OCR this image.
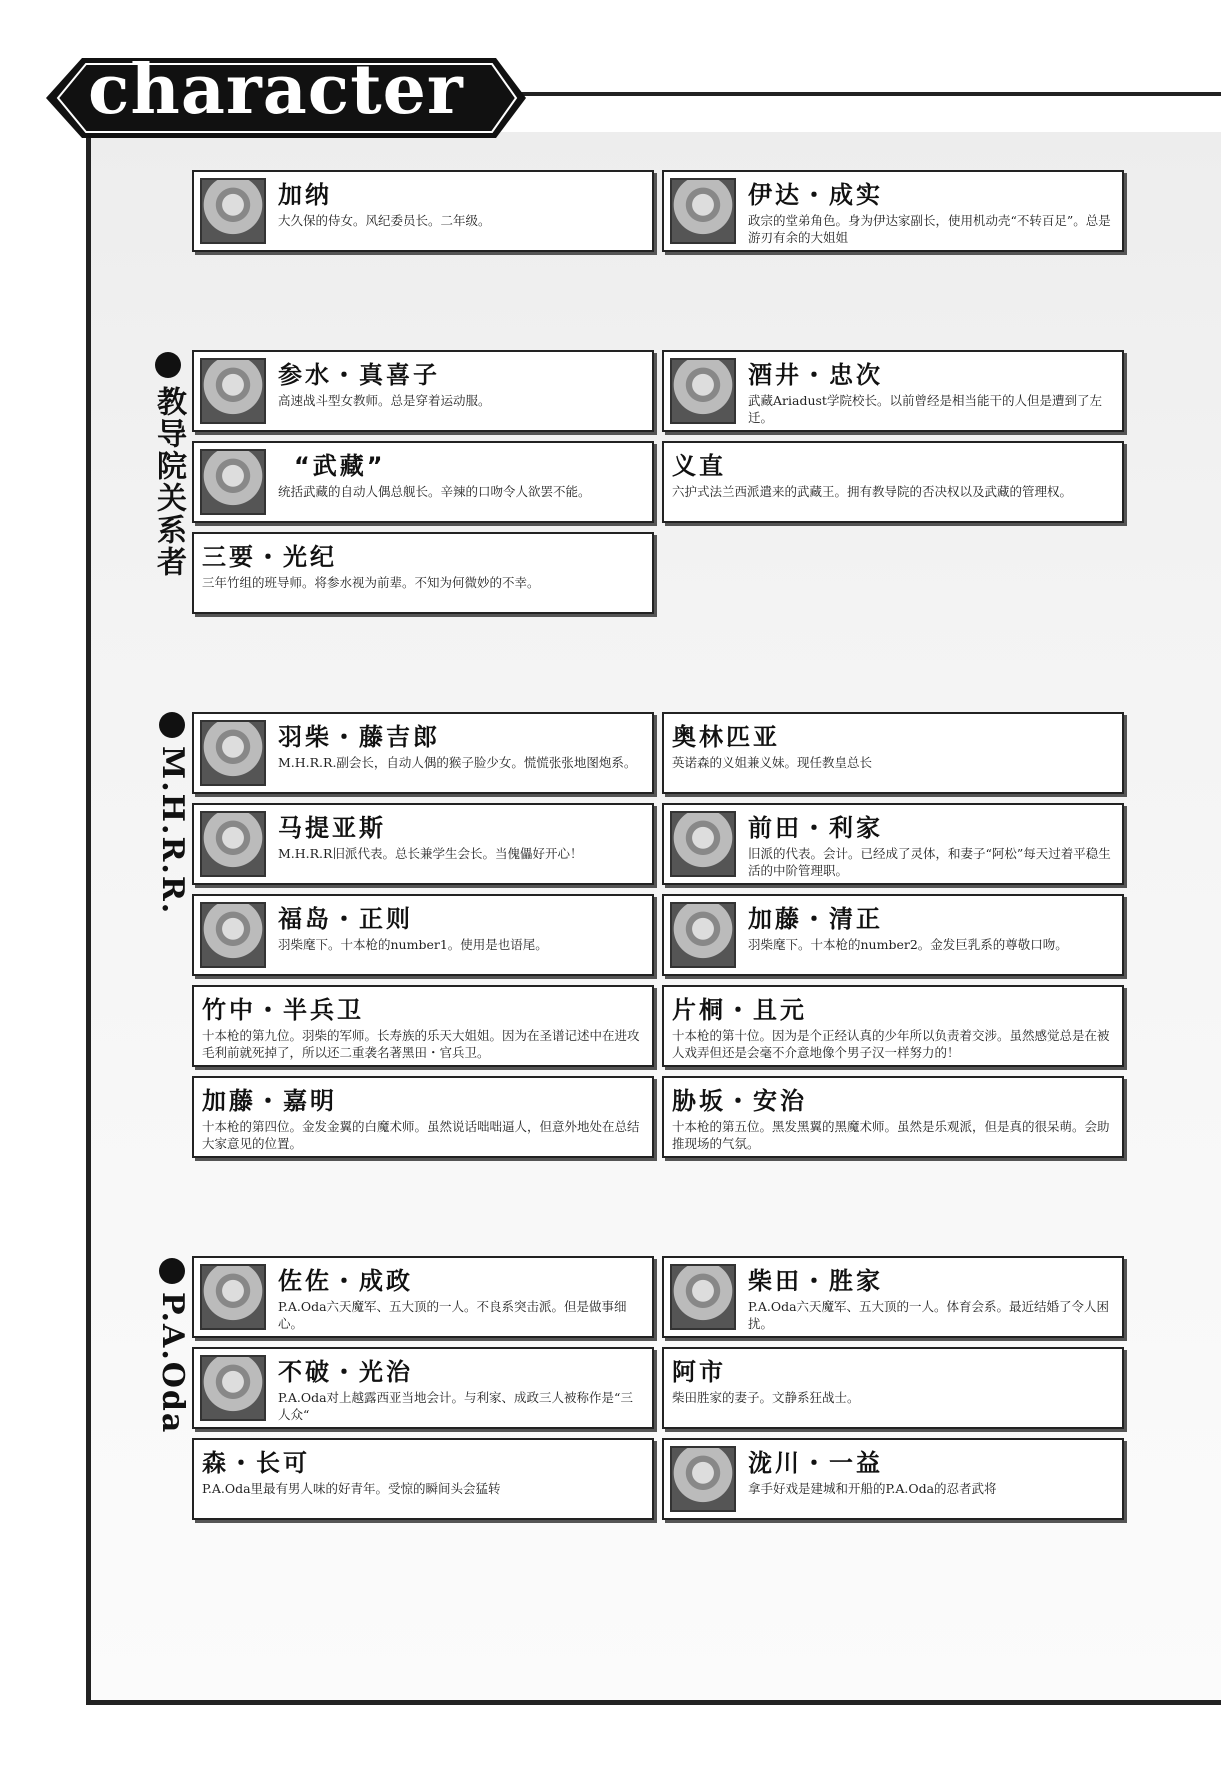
character
教导院关系者
M.H.R.R.
P.A.Oda
加纳
大久保的侍女。风纪委员长。二年级。
伊达・成实
政宗的堂弟角色。身为伊达家副长，使用机动壳“不转百足”。总是游刃有余的大姐姐
参水・真喜子
高速战斗型女教师。总是穿着运动服。
酒井・忠次
武藏Ariadust学院校长。以前曾经是相当能干的人但是遭到了左迁。
“武藏”
统括武藏的自动人偶总舰长。辛辣的口吻令人欲罢不能。
义直
六护式法兰西派遣来的武藏王。拥有教导院的否决权以及武藏的管理权。
三要・光纪
三年竹组的班导师。将参水视为前辈。不知为何微妙的不幸。
羽柴・藤吉郎
M.H.R.R.副会长，自动人偶的猴子脸少女。慌慌张张地图炮系。
奥林匹亚
英诺森的义姐兼义妹。现任教皇总长
马提亚斯
M.H.R.R旧派代表。总长兼学生会长。当傀儡好开心！
前田・利家
旧派的代表。会计。已经成了灵体，和妻子“阿松”每天过着平稳生活的中阶管理职。
福岛・正则
羽柴麾下。十本枪的number1。使用是也语尾。
加藤・清正
羽柴麾下。十本枪的number2。金发巨乳系的尊敬口吻。
竹中・半兵卫
十本枪的第九位。羽柴的军师。长寿族的乐天大姐姐。因为在圣谱记述中在进攻毛利前就死掉了，所以还二重袭名著黑田・官兵卫。
片桐・且元
十本枪的第十位。因为是个正经认真的少年所以负责着交涉。虽然感觉总是在被人戏弄但还是会毫不介意地像个男子汉一样努力的！
加藤・嘉明
十本枪的第四位。金发金翼的白魔术师。虽然说话咄咄逼人，但意外地处在总结大家意见的位置。
胁坂・安治
十本枪的第五位。黑发黑翼的黑魔术师。虽然是乐观派，但是真的很呆萌。会助推现场的气氛。
佐佐・成政
P.A.Oda六天魔军、五大顶的一人。不良系突击派。但是做事细心。
柴田・胜家
P.A.Oda六天魔军、五大顶的一人。体育会系。最近结婚了令人困扰。
不破・光治
P.A.Oda对上越露西亚当地会计。与利家、成政三人被称作是“三人众“
阿市
柴田胜家的妻子。文静系狂战士。
森・长可
P.A.Oda里最有男人味的好青年。受惊的瞬间头会猛转
泷川・一益
拿手好戏是建城和开船的P.A.Oda的忍者武将
